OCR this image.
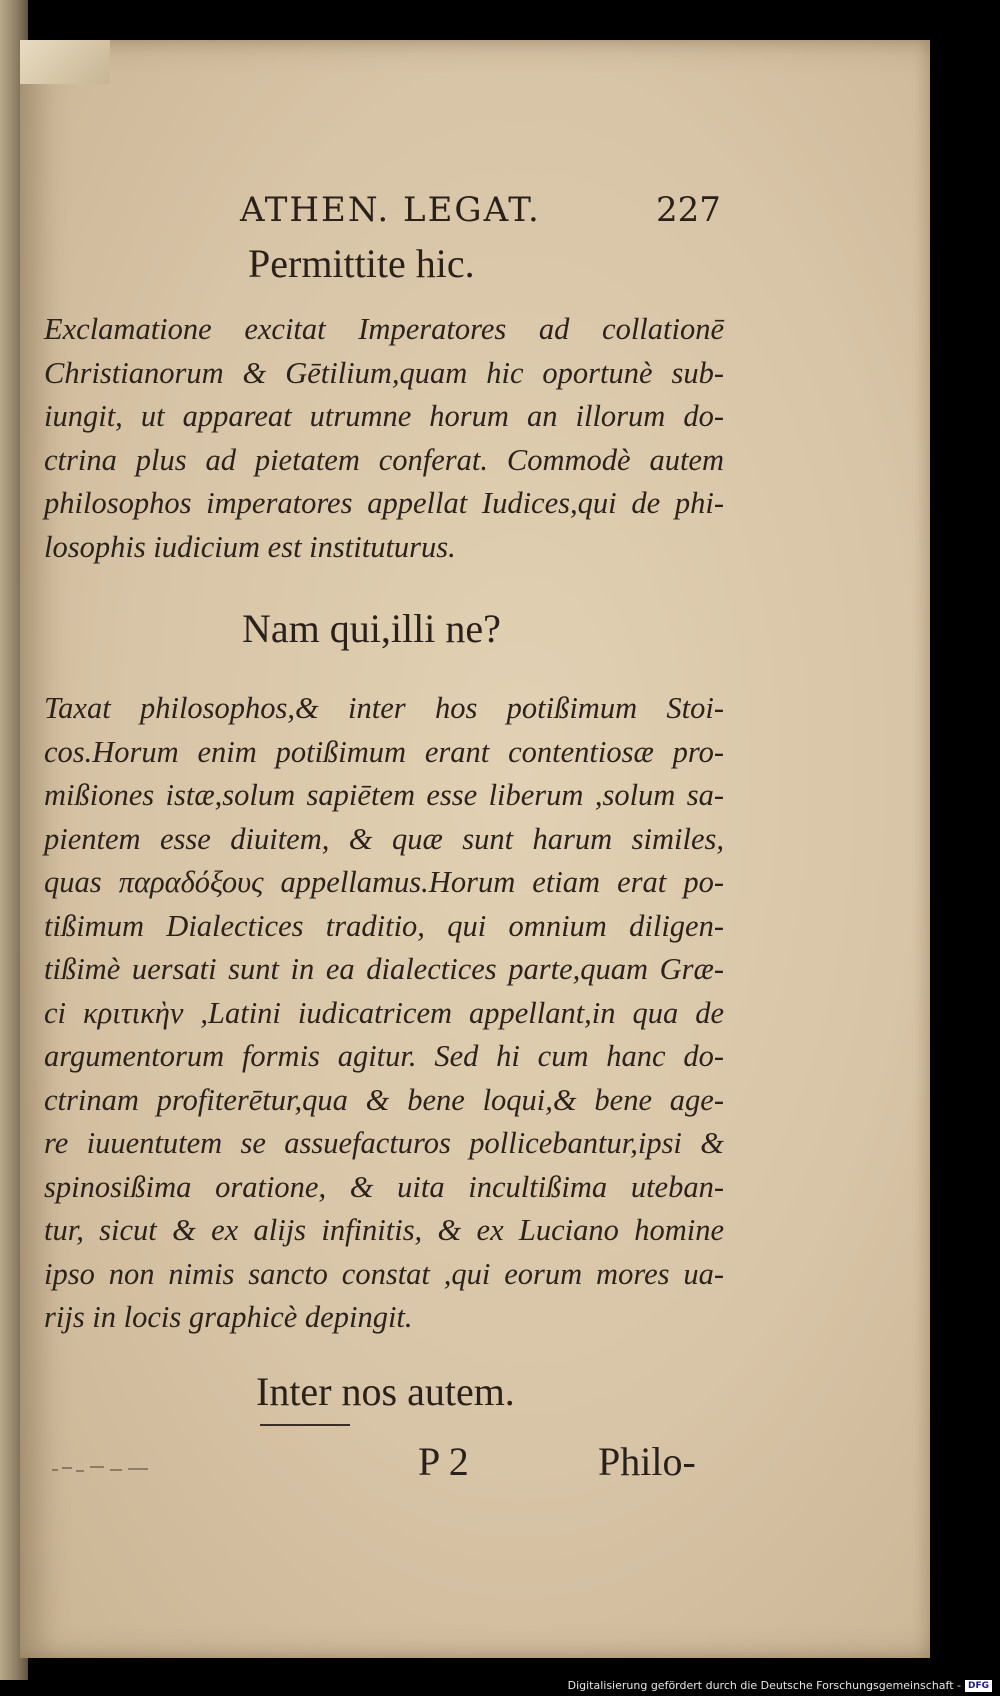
ATHEN. LEGAT.	227
Permittite hic.
Exclamatione excitat Imperatores ad collationē
Christianorum & Gētilium,quam hic oportunè sub-
iungit, ut appareat utrumne horum an illorum do-
ctrina plus ad pietatem conferat. Commodè autem
philosophos imperatores appellat Iudices,qui de phi-
losophis iudicium est instituturus.
Nam qui,illi ne?
Taxat philosophos,& inter hos potißimum Stoi-
cos.Horum enim potißimum erant contentiosæ pro-
mißiones istæ,solum sapiētem esse liberum ,solum sa-
pientem esse diuitem, & quæ sunt harum similes,
quas παραδόξους appellamus.Horum etiam erat po-
tißimum Dialectices traditio, qui omnium diligen-
tißimè uersati sunt in ea dialectices parte,quam Græ-
ci κριτικὴν ,Latini iudicatricem appellant,in qua de
argumentorum formis agitur. Sed hi cum hanc do-
ctrinam profiterētur,qua & bene loqui,& bene age-
re iuuentutem se assuefacturos pollicebantur,ipsi &
spinosißima oratione, & uita incultißima uteban-
tur, sicut & ex alijs infinitis, & ex Luciano homine
ipso non nimis sancto constat ,qui eorum mores ua-
rijs in locis graphicè depingit.
Inter nos autem.
P 2	Philo-
Digitalisierung gefördert durch die Deutsche Forschungsgemeinschaft - DFG
